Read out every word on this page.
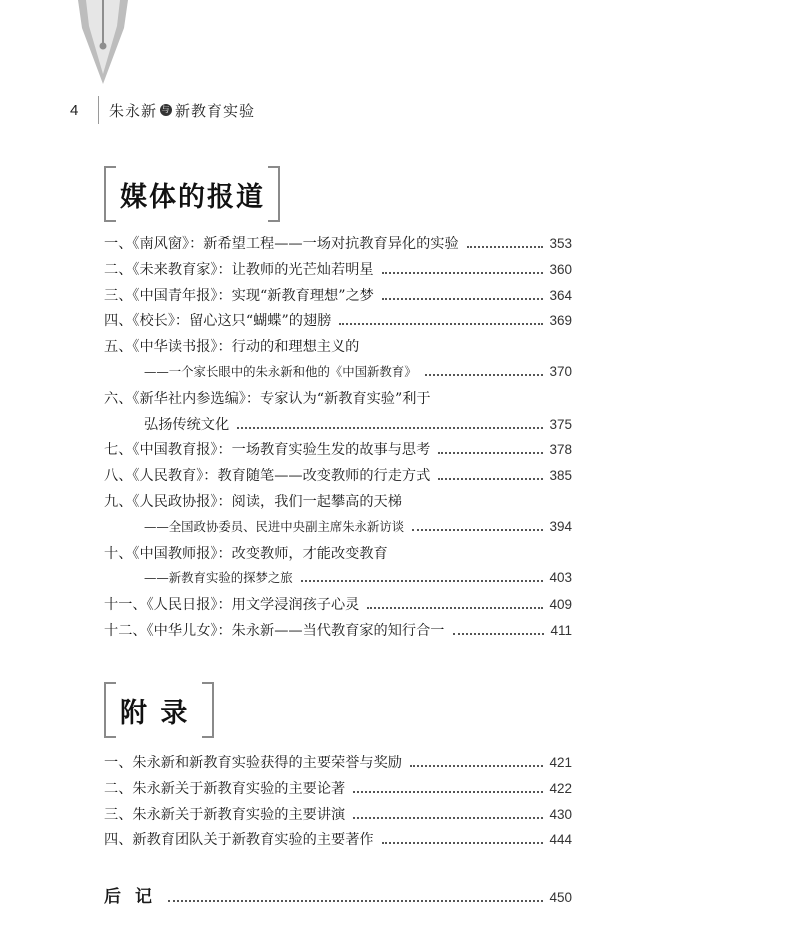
4	朱永新 与 新教育实验
媒体的报道
一、《南风窗》：新希望工程——一场对抗教育异化的实验	353
二、《未来教育家》：让教师的光芒灿若明星	360
三、《中国青年报》：实现“新教育理想”之梦	364
四、《校长》：留心这只“蝴蝶”的翅膀	369
五、《中华读书报》：行动的和理想主义的
——一个家长眼中的朱永新和他的《中国新教育》	370
六、《新华社内参选编》：专家认为“新教育实验”利于
弘扬传统文化	375
七、《中国教育报》：一场教育实验生发的故事与思考	378
八、《人民教育》：教育随笔——改变教师的行走方式	385
九、《人民政协报》：阅读，我们一起攀高的天梯
——全国政协委员、民进中央副主席朱永新访谈	394
十、《中国教师报》：改变教师，才能改变教育
——新教育实验的探梦之旅	403
十一、《人民日报》：用文学浸润孩子心灵	409
十二、《中华儿女》：朱永新——当代教育家的知行合一	411
附 录
一、朱永新和新教育实验获得的主要荣誉与奖励	421
二、朱永新关于新教育实验的主要论著	422
三、朱永新关于新教育实验的主要讲演	430
四、新教育团队关于新教育实验的主要著作	444
后记	450
